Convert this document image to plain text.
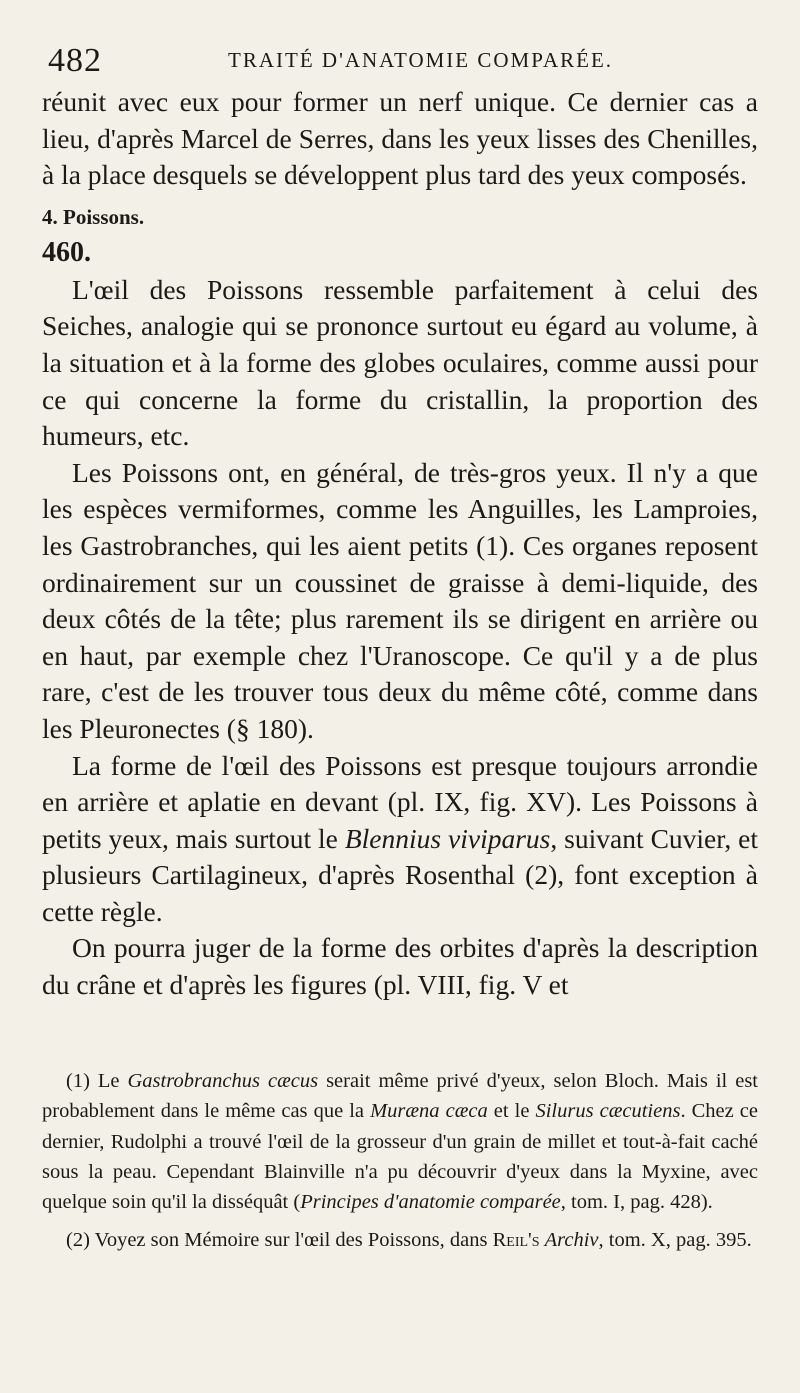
482	TRAITÉ D'ANATOMIE COMPARÉE.

réunit avec eux pour former un nerf unique. Ce dernier cas a lieu, d'après Marcel de Serres, dans les yeux lisses des Chenilles, à la place desquels se développent plus tard des yeux composés.

4. Poissons.

460.

L'œil des Poissons ressemble parfaitement à celui des Seiches, analogie qui se prononce surtout eu égard au volume, à la situation et à la forme des globes oculaires, comme aussi pour ce qui concerne la forme du cristallin, la proportion des humeurs, etc.

Les Poissons ont, en général, de très-gros yeux. Il n'y a que les espèces vermiformes, comme les Anguilles, les Lamproies, les Gastrobranches, qui les aient petits (1). Ces organes reposent ordinairement sur un coussinet de graisse à demi-liquide, des deux côtés de la tête; plus rarement ils se dirigent en arrière ou en haut, par exemple chez l'Uranoscope. Ce qu'il y a de plus rare, c'est de les trouver tous deux du même côté, comme dans les Pleuronectes (§ 180).

La forme de l'œil des Poissons est presque toujours arrondie en arrière et aplatie en devant (pl. IX, fig. XV). Les Poissons à petits yeux, mais surtout le Blennius viviparus, suivant Cuvier, et plusieurs Cartilagineux, d'après Rosenthal (2), font exception à cette règle.

On pourra juger de la forme des orbites d'après la description du crâne et d'après les figures (pl. VIII, fig. V et

(1) Le Gastrobranchus cæcus serait même privé d'yeux, selon Bloch. Mais il est probablement dans le même cas que la Muræna cæca et le Silurus cæcutiens. Chez ce dernier, Rudolphi a trouvé l'œil de la grosseur d'un grain de millet et tout-à-fait caché sous la peau. Cependant Blainville n'a pu découvrir d'yeux dans la Myxine, avec quelque soin qu'il la disséquât (Principes d'anatomie comparée, tom. I, pag. 428).

(2) Voyez son Mémoire sur l'œil des Poissons, dans Reil's Archiv, tom. X, pag. 395.
